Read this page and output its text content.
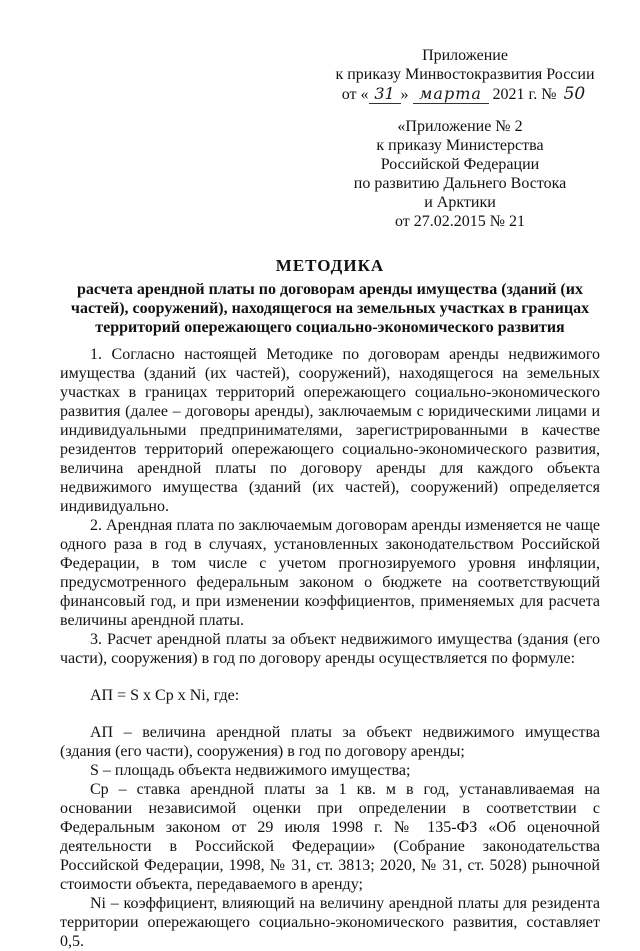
Приложение
к приказу Минвостокразвития России
от « 31 » марта 2021 г. № 50
«Приложение № 2
к приказу Министерства
Российской Федерации
по развитию Дальнего Востока
и Арктики
от 27.02.2015 № 21
МЕТОДИКА
расчета арендной платы по договорам аренды имущества (зданий (их частей), сооружений), находящегося на земельных участках в границах территорий опережающего социально-экономического развития

1. Согласно настоящей Методике по договорам аренды недвижимого имущества (зданий (их частей), сооружений), находящегося на земельных участках в границах территорий опережающего социально-экономического развития (далее – договоры аренды), заключаемым с юридическими лицами и индивидуальными предпринимателями, зарегистрированными в качестве резидентов территорий опережающего социально-экономического развития, величина арендной платы по договору аренды для каждого объекта недвижимого имущества (зданий (их частей), сооружений) определяется индивидуально.

2. Арендная плата по заключаемым договорам аренды изменяется не чаще одного раза в год в случаях, установленных законодательством Российской Федерации, в том числе с учетом прогнозируемого уровня инфляции, предусмотренного федеральным законом о бюджете на соответствующий финансовый год, и при изменении коэффициентов, применяемых для расчета величины арендной платы.

3. Расчет арендной платы за объект недвижимого имущества (здания (его части), сооружения) в год по договору аренды осуществляется по формуле:

АП = S x Ср x Ni, где:

АП – величина арендной платы за объект недвижимого имущества (здания (его части), сооружения) в год по договору аренды;

S – площадь объекта недвижимого имущества;

Ср – ставка арендной платы за 1 кв. м в год, устанавливаемая на основании независимой оценки при определении в соответствии с Федеральным законом от 29 июля 1998 г. № 135-ФЗ «Об оценочной деятельности в Российской Федерации» (Собрание законодательства Российской Федерации, 1998, № 31, ст. 3813; 2020, № 31, ст. 5028) рыночной стоимости объекта, передаваемого в аренду;

Ni – коэффициент, влияющий на величину арендной платы для резидента территории опережающего социально-экономического развития, составляет 0,5.
